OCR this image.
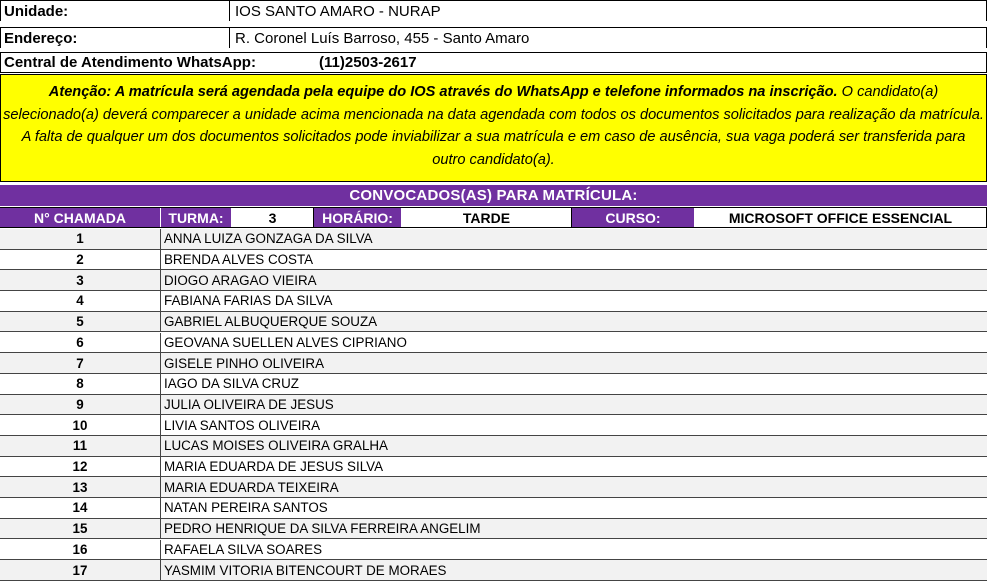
Unidade:	IOS SANTO AMARO - NURAP
Endereço:	R. Coronel Luís Barroso, 455 - Santo Amaro
Central de Atendimento WhatsApp:	(11)2503-2617
Atenção: A matrícula será agendada pela equipe do IOS através do WhatsApp e telefone informados na inscrição. O candidato(a) selecionado(a) deverá comparecer a unidade acima mencionada na data agendada com todos os documentos solicitados para realização da matrícula. A falta de qualquer um dos documentos solicitados pode inviabilizar a sua matrícula e em caso de ausência, sua vaga poderá ser transferida para outro candidato(a).
CONVOCADOS(AS) PARA MATRÍCULA:
N° CHAMADA	TURMA:	3	HORÁRIO:	TARDE	CURSO:	MICROSOFT OFFICE ESSENCIAL
1	ANNA LUIZA GONZAGA DA SILVA
2	BRENDA ALVES COSTA
3	DIOGO ARAGAO VIEIRA
4	FABIANA FARIAS DA SILVA
5	GABRIEL ALBUQUERQUE SOUZA
6	GEOVANA SUELLEN ALVES CIPRIANO
7	GISELE PINHO OLIVEIRA
8	IAGO DA SILVA CRUZ
9	JULIA OLIVEIRA DE JESUS
10	LIVIA SANTOS OLIVEIRA
11	LUCAS MOISES OLIVEIRA GRALHA
12	MARIA EDUARDA DE JESUS SILVA
13	MARIA EDUARDA TEIXEIRA
14	NATAN PEREIRA SANTOS
15	PEDRO HENRIQUE DA SILVA FERREIRA ANGELIM
16	RAFAELA SILVA SOARES
17	YASMIM VITORIA BITENCOURT DE MORAES
